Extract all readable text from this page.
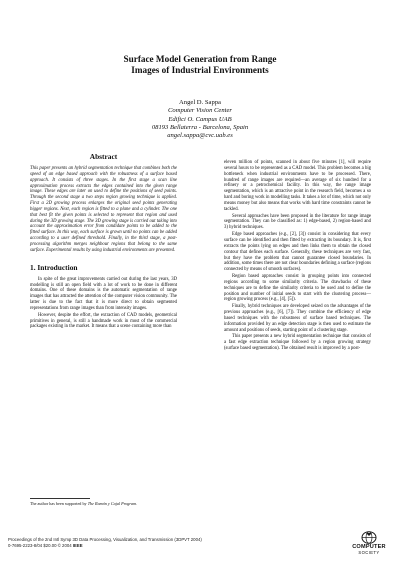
Surface Model Generation from Range
Images of Industrial Environments
Angel D. Sappa
Computer Vision Center
Edifici O. Campus UAB
08193 Bellaterra - Barcelona, Spain
angel.sappa@cvc.uab.es
Abstract

This paper presents an hybrid segmentation technique that combines both the speed of an edge based approach with the robustness of a surface based approach. It consists of three stages. In the first stage a scan line approximation process extracts the edges contained into the given range image. These edges are later on used to define the positions of seed points. Through the second stage a two steps region growing technique is applied. First a 2D growing process enlarges the original seed points generating bigger regions. Next, each region is fitted to a plane and a cylinder. The one that best fit the given points is selected to represent that region and used during the 3D growing stage. The 3D growing stage is carried out taking into account the approximation error from candidate points to be added to the fitted surface. In this way, each surface is grown until no points can be added according to a user defined threshold. Finally, in the third stage, a post-processing algorithm merges neighbour regions that belong to the same surface. Experimental results by using industrial environments are presented.

1. Introduction

In spite of the great improvements carried out during the last years, 3D modelling is still an open field with a lot of work to be done in different domains. One of these domains is the automatic segmentation of range images that has attracted the attention of the computer vision community. The latter is due to the fact that it is more direct to obtain segmented representations from range images than from intensity images.

However, despite the effort, the extraction of CAD models, geometrical primitives in general, is still a handmade work in most of the commercial packages existing in the market. It means that a scene containing more than

eleven million of points, scanned in about five minutes [1], will require several hours to be represented as a CAD model. This problem becomes a big bottleneck when industrial environments have to be processed. There, hundred of range images are required—an average of six hundred for a refinery or a petrochemical facility. In this way, the range image segmentation, which is an attractive point in the research field, becomes a so hard and boring work in modelling tasks. It takes a lot of time, which not only means money but also means that works with hard time constraints cannot be tackled.

Several approaches have been proposed in the literature for range image segmentation. They can be classified as: 1) edge-based, 2) region-based and 3) hybrid techniques.

Edge based approaches (e.g., [2], [3]) consist in considering that every surface can be identified and then fitted by extracting its boundary. It is, first extracts the points lying on edges and then links them to obtain the closed contour that defines each surface. Generally, these techniques are very fast, but they have the problem that cannot guarantee closed boundaries. In addition, some times there are not clear boundaries defining a surface (regions connected by means of smooth surfaces).

Region based approaches consist in grouping points into connected regions according to some similarity criteria. The drawbacks of these techniques are to define the similarity criteria to be used and to define the position and number of initial seeds to start with the clustering process—region growing process (e.g., [4], [5]).

Finally, hybrid techniques are developed seized on the advantages of the previous approaches (e.g., [6], [7]). They combine the efficiency of edge based techniques with the robustness of surface based techniques. The information provided by an edge detection stage is then used to estimate the amount and positions of seeds, starting point of a clustering stage.

This paper presents a new hybrid segmentation technique that consists of a fast edge extraction technique followed by a region growing strategy (surface based segmentation). The obtained result is improved by a post-

The author has been supported by The Ramón y Cajal Program.
Proceedings of the 2nd Intl Symp 3D Data Processing, Visualization, and Transmission (3DPVT 2004)
0-7695-2223-8/04 $20.00 © 2004 IEEE	COMPUTER
SOCIETY
